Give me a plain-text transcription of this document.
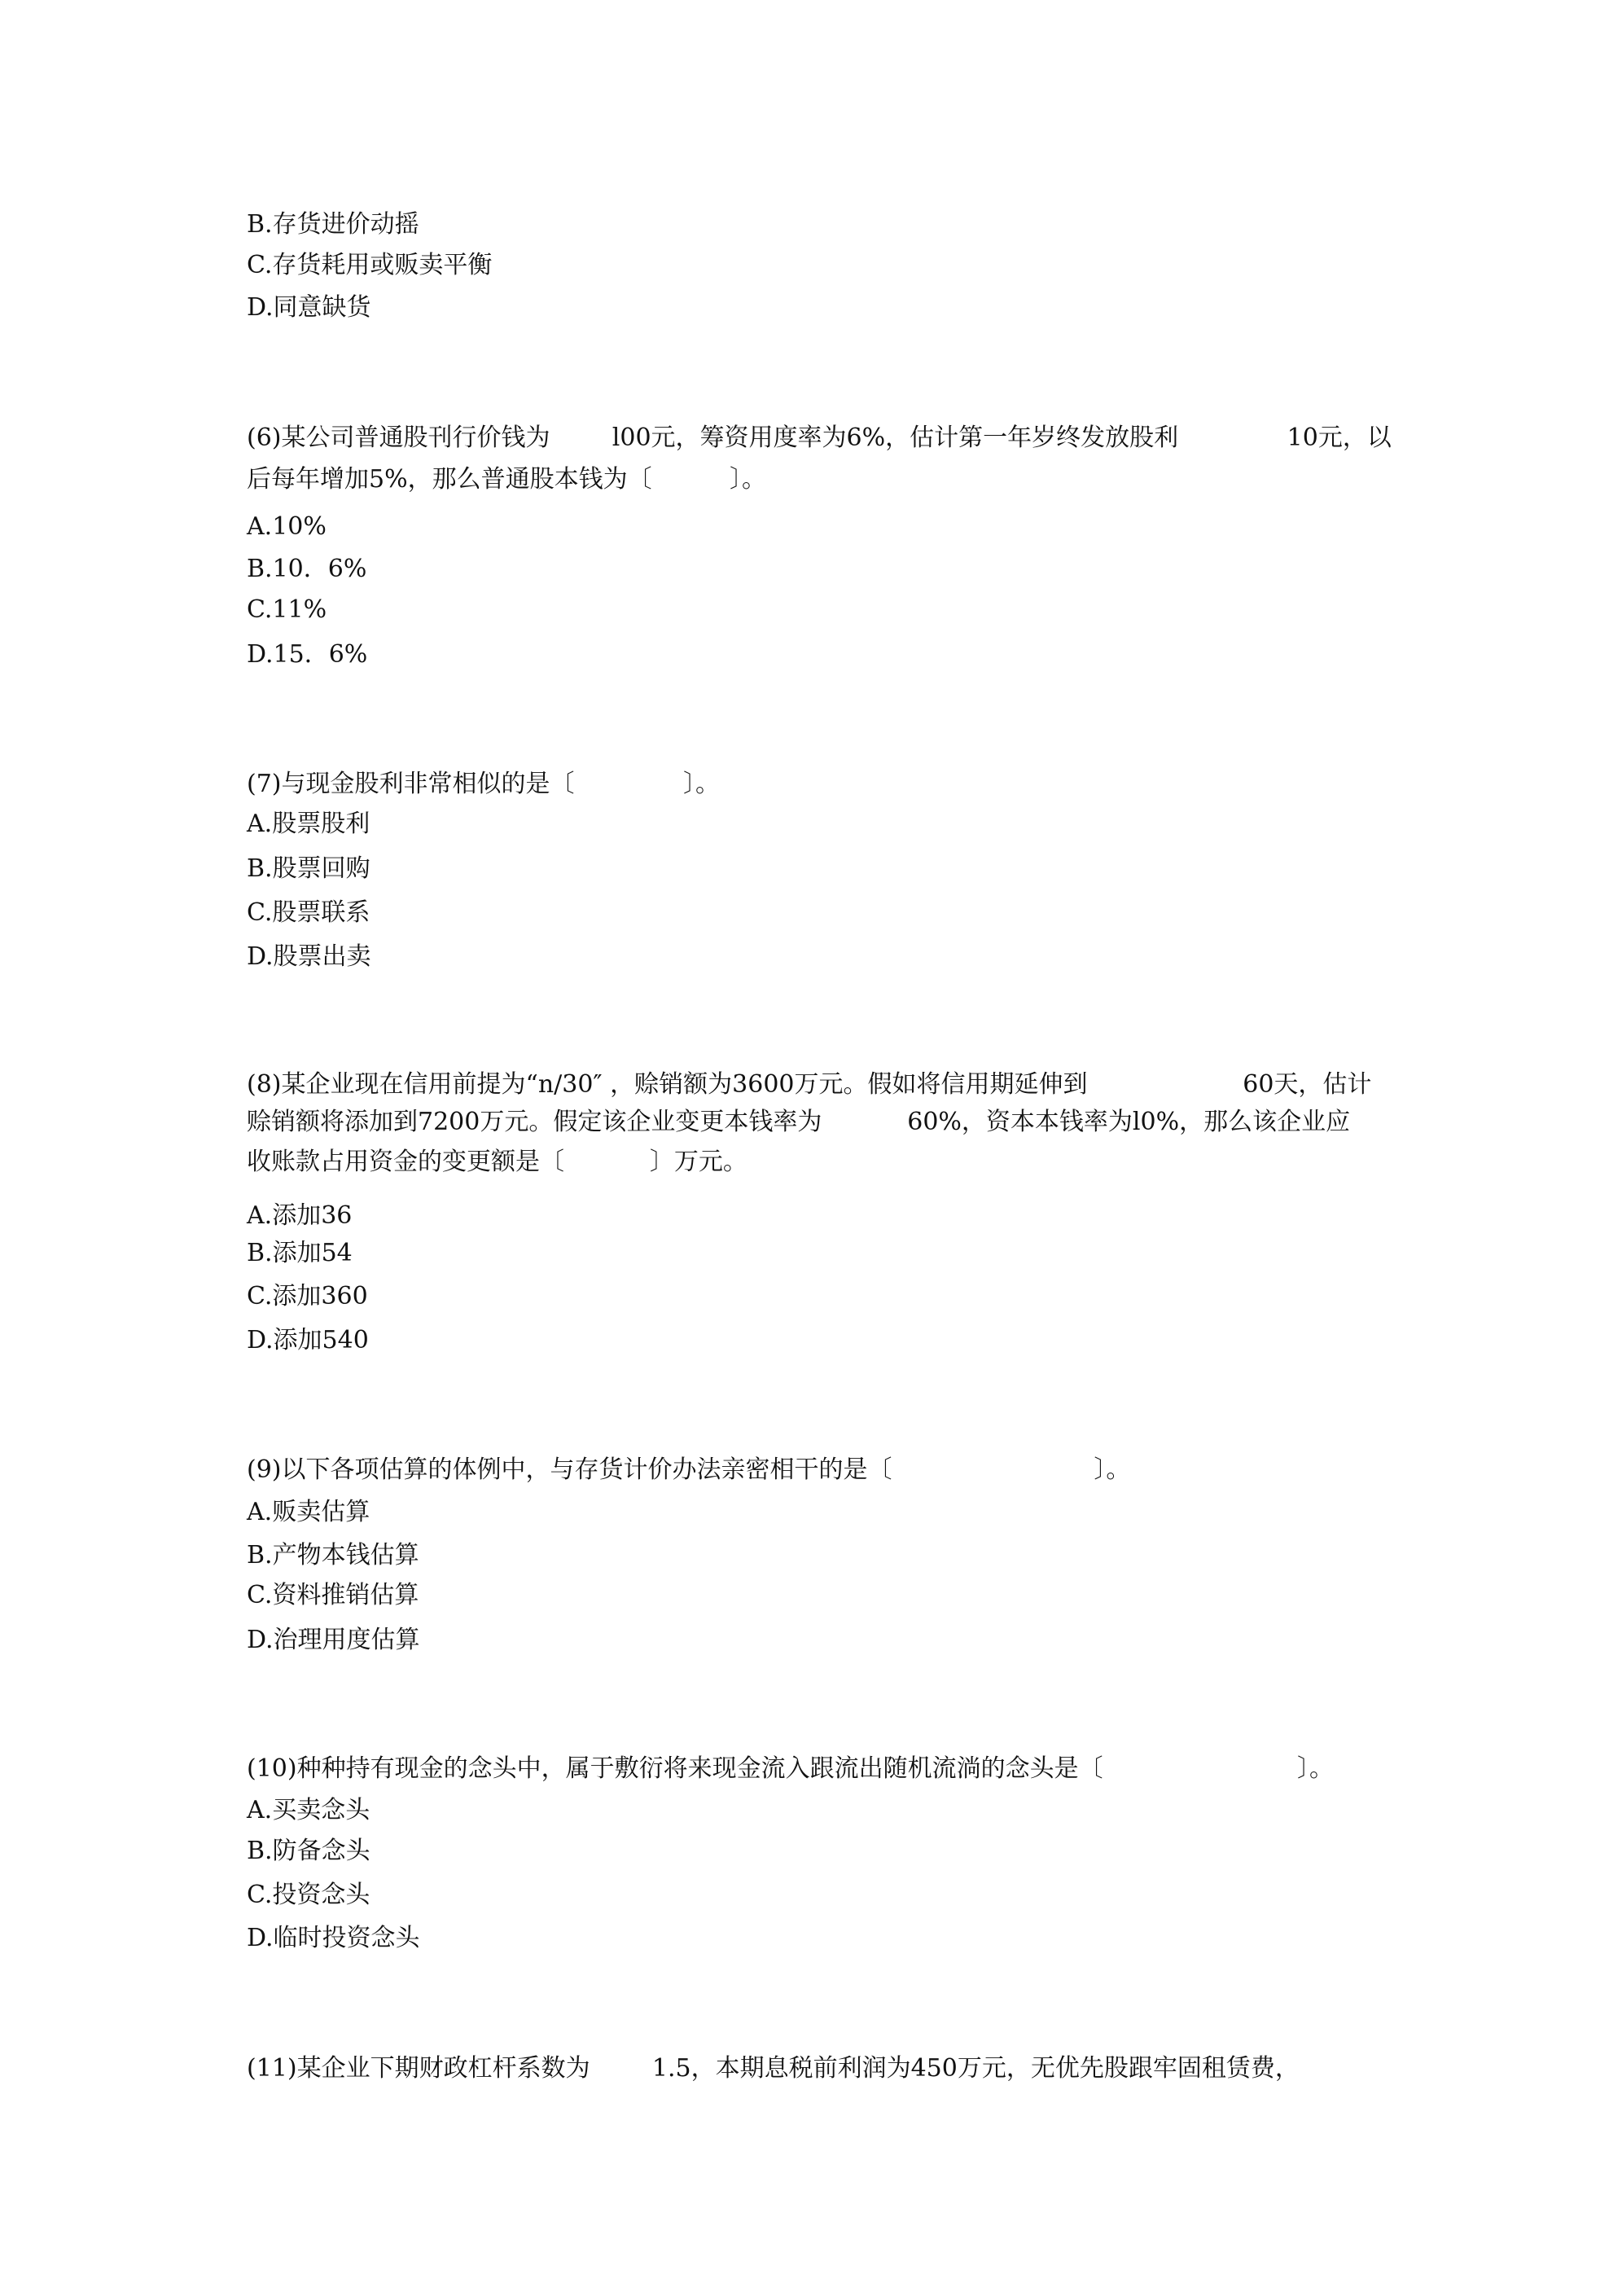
B.存货进价动摇
C.存货耗用或贩卖平衡
D.同意缺货
(6)某公司普通股刊行价钱为        l00元，筹资用度率为6%，估计第一年岁终发放股利              10元，以
后每年增加5%，那么普通股本钱为〔          〕。
A.10%
B.10．6%
C.11%
D.15．6%
(7)与现金股利非常相似的是〔              〕。
A.股票股利
B.股票回购
C.股票联系
D.股票出卖
(8)某企业现在信用前提为“n/30″ ，赊销额为3600万元。假如将信用期延伸到                    60天，估计
赊销额将添加到7200万元。假定该企业变更本钱率为           60%，资本本钱率为l0%，那么该企业应
收账款占用资金的变更额是〔           〕万元。
A.添加36
B.添加54
C.添加360
D.添加540
(9)以下各项估算的体例中，与存货计价办法亲密相干的是〔                          〕。
A.贩卖估算
B.产物本钱估算
C.资料推销估算
D.治理用度估算
(10)种种持有现金的念头中，属于敷衍将来现金流入跟流出随机流淌的念头是〔                         〕。
A.买卖念头
B.防备念头
C.投资念头
D.临时投资念头
(11)某企业下期财政杠杆系数为        1.5，本期息税前利润为450万元，无优先股跟牢固租赁费，
